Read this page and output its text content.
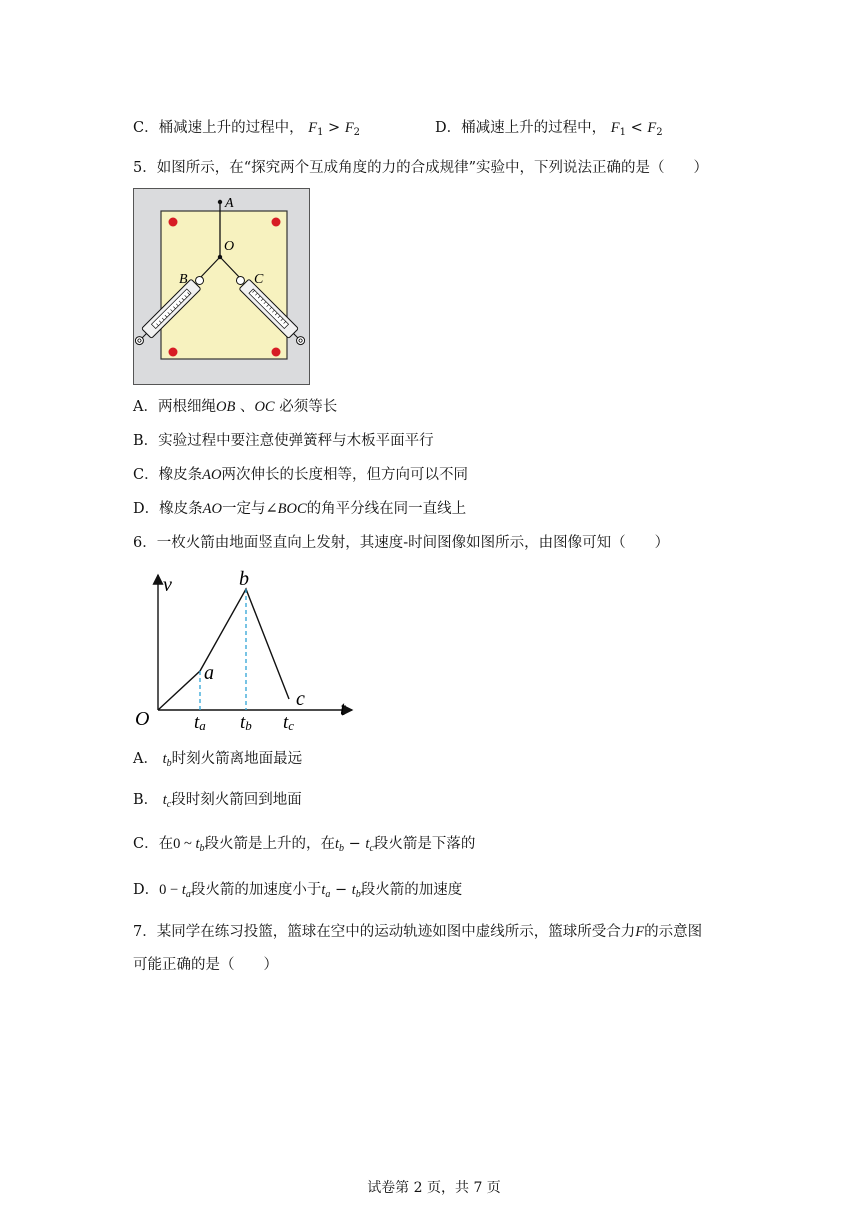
C．桶减速上升的过程中， $F_1 > F_2$	D．桶减速上升的过程中， $F_1 < F_2$
5．如图所示，在“探究两个互成角度的力的合成规律”实验中，下列说法正确的是（　　）
A
O
B	C
A．两根细绳OB 、OC 必须等长
B．实验过程中要注意使弹簧秤与木板平面平行
C．橡皮条AO两次伸长的长度相等，但方向可以不同
D．橡皮条AO一定与∠BOC的角平分线在同一直线上
6．一枚火箭由地面竖直向上发射，其速度-时间图像如图所示，由图像可知（　　）
v
t
O
a
b
c
ta tb tc
A． $t_b$时刻火箭离地面最远
B． $t_c$段时刻火箭回到地面
C．在0 ~ $t_b$段火箭是上升的，在$t_b - t_c$段火箭是下落的
D．$0 - t_a$段火箭的加速度小于$t_a - t_b$段火箭的加速度
7．某同学在练习投篮，篮球在空中的运动轨迹如图中虚线所示，篮球所受合力F的示意图
可能正确的是（　　）
试卷第 2 页，共 7 页
